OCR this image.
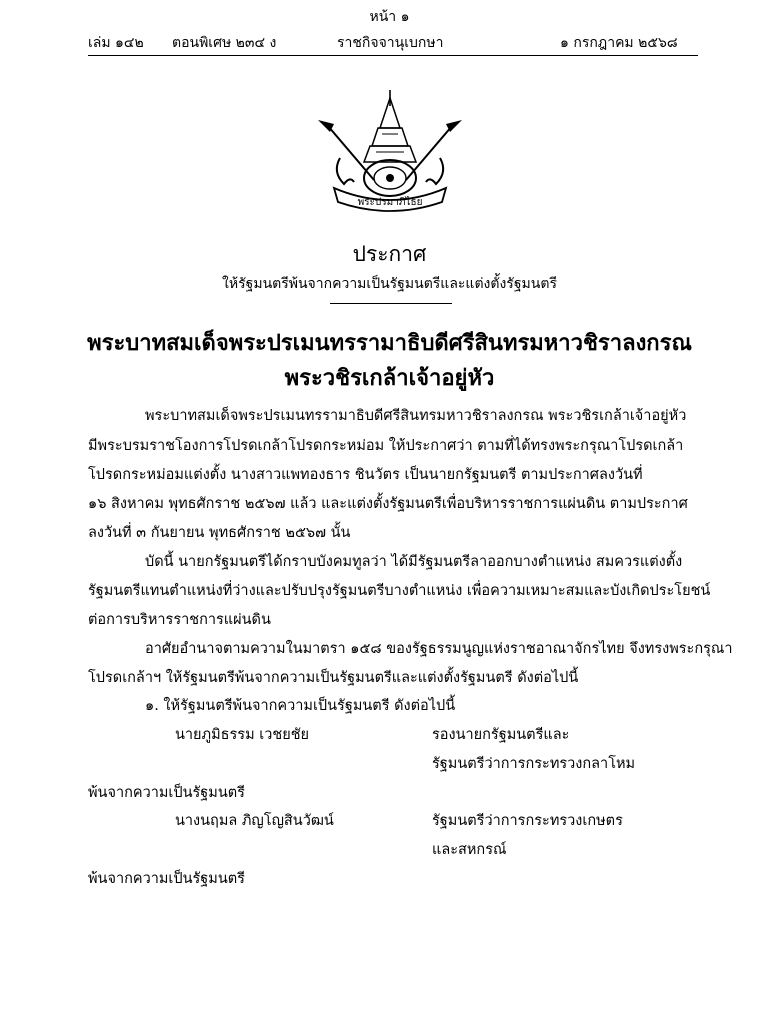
หน้า ๑
เล่ม ๑๔๒ ตอนพิเศษ ๒๓๔ ง	ราชกิจจานุเบกษา	๑ กรกฎาคม ๒๕๖๘
พระปรมาภิไธย
ประกาศ
ให้รัฐมนตรีพ้นจากความเป็นรัฐมนตรีและแต่งตั้งรัฐมนตรี
พระบาทสมเด็จพระปรเมนทรรามาธิบดีศรีสินทรมหาวชิราลงกรณ
พระวชิรเกล้าเจ้าอยู่หัว
พระบาทสมเด็จพระปรเมนทรรามาธิบดีศรีสินทรมหาวชิราลงกรณ พระวชิรเกล้าเจ้าอยู่หัว
มีพระบรมราชโองการโปรดเกล้าโปรดกระหม่อม ให้ประกาศว่า ตามที่ได้ทรงพระกรุณาโปรดเกล้า
โปรดกระหม่อมแต่งตั้ง นางสาวแพทองธาร ชินวัตร เป็นนายกรัฐมนตรี ตามประกาศลงวันที่
๑๖ สิงหาคม พุทธศักราช ๒๕๖๗ แล้ว และแต่งตั้งรัฐมนตรีเพื่อบริหารราชการแผ่นดิน ตามประกาศ
ลงวันที่ ๓ กันยายน พุทธศักราช ๒๕๖๗ นั้น
บัดนี้ นายกรัฐมนตรีได้กราบบังคมทูลว่า ได้มีรัฐมนตรีลาออกบางตำแหน่ง สมควรแต่งตั้ง
รัฐมนตรีแทนตำแหน่งที่ว่างและปรับปรุงรัฐมนตรีบางตำแหน่ง เพื่อความเหมาะสมและบังเกิดประโยชน์
ต่อการบริหารราชการแผ่นดิน
อาศัยอำนาจตามความในมาตรา ๑๕๘ ของรัฐธรรมนูญแห่งราชอาณาจักรไทย จึงทรงพระกรุณา
โปรดเกล้าฯ ให้รัฐมนตรีพ้นจากความเป็นรัฐมนตรีและแต่งตั้งรัฐมนตรี ดังต่อไปนี้
๑. ให้รัฐมนตรีพ้นจากความเป็นรัฐมนตรี ดังต่อไปนี้
นายภูมิธรรม เวชยชัย	รองนายกรัฐมนตรีและ
รัฐมนตรีว่าการกระทรวงกลาโหม
พ้นจากความเป็นรัฐมนตรี
นางนฤมล ภิญโญสินวัฒน์	รัฐมนตรีว่าการกระทรวงเกษตร
และสหกรณ์
พ้นจากความเป็นรัฐมนตรี
